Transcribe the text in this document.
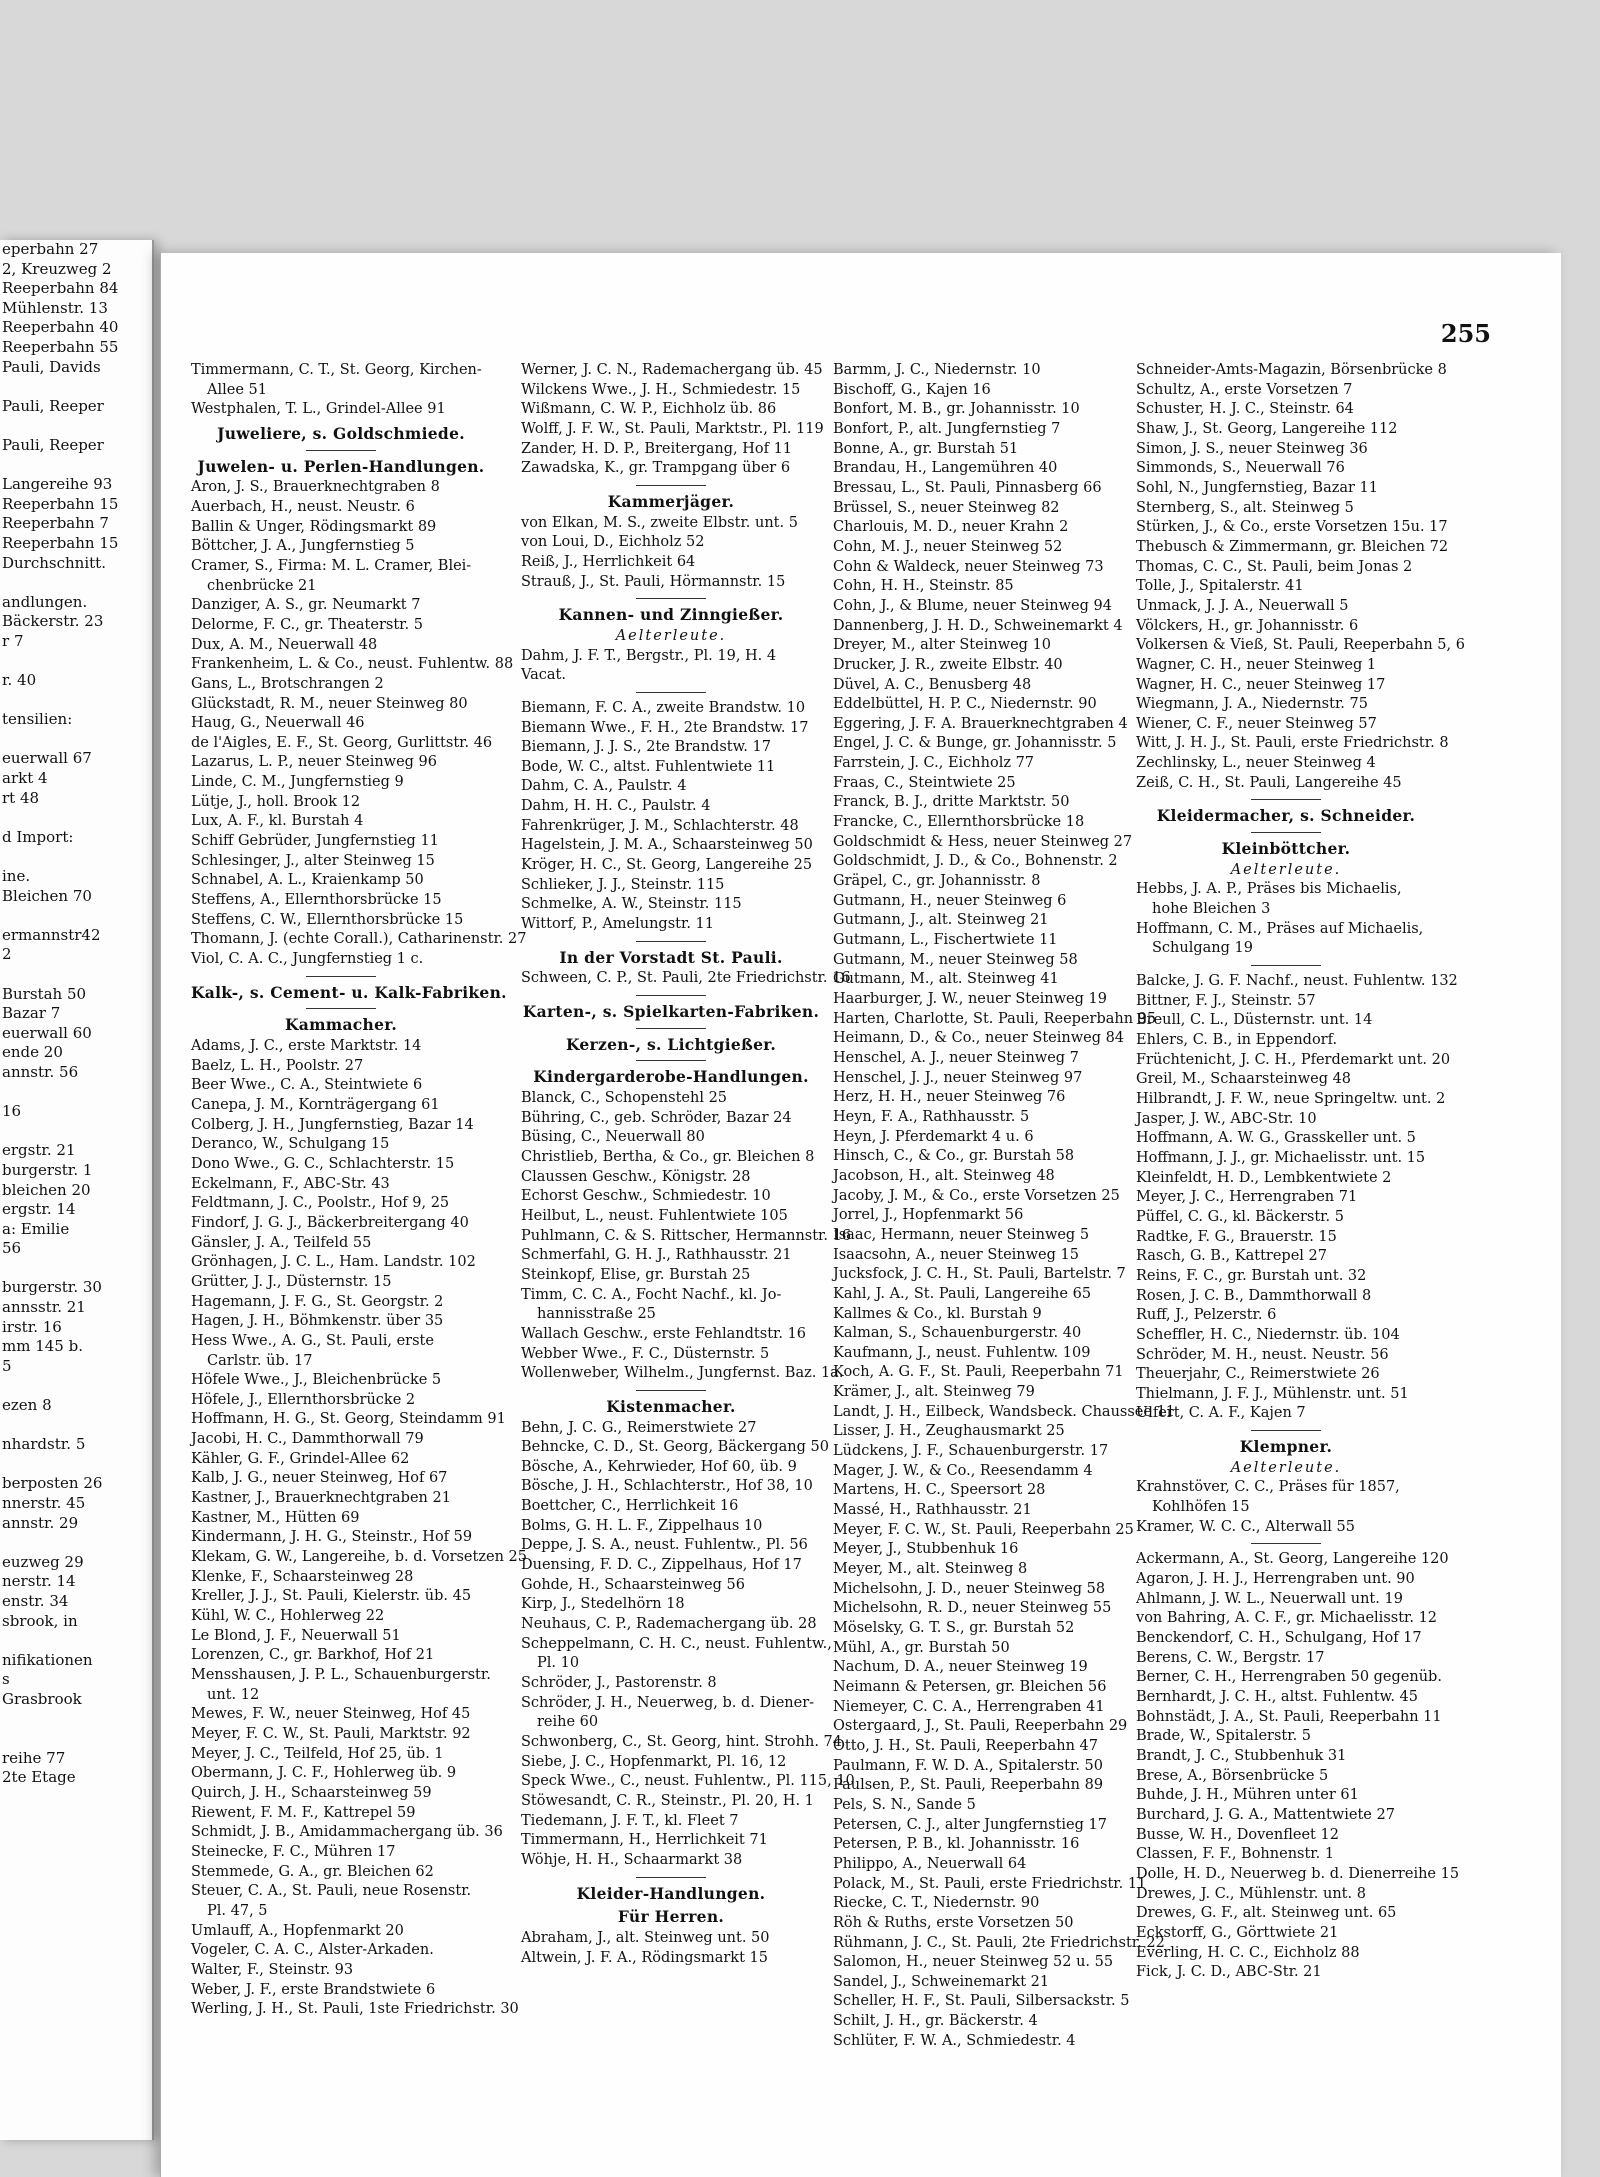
eperbahn 27
2, Kreuzweg 2
Reeperbahn 84
Mühlenstr. 13
Reeperbahn 40
Reeperbahn 55
Pauli, Davids
Pauli, Reeper
Pauli, Reeper
Langereihe 93
Reeperbahn 15
Reeperbahn 7
Reeperbahn 15
Durchschnitt.
andlungen.
Bäckerstr. 23
r 7
r. 40
tensilien:
euerwall 67
arkt 4
rt 48
d Import:
ine.
Bleichen 70
ermannstr42
2
Burstah 50
Bazar 7
euerwall 60
ende 20
annstr. 56
16
ergstr. 21
burgerstr. 1
bleichen 20
ergstr. 14
a: Emilie
56
burgerstr. 30
annsstr. 21
irstr. 16
mm 145 b.
5
ezen 8
nhardstr. 5
berposten 26
nnerstr. 45
annstr. 29
euzweg 29
nerstr. 14
enstr. 34
sbrook, in
nifikationen
s
Grasbrook
reihe 77
2te Etage
255
Timmermann, C. T., St. Georg, Kirchen-
Allee 51
Westphalen, T. L., Grindel-Allee 91
Juweliere, s. Goldschmiede.
Juwelen- u. Perlen-Handlungen.
Aron, J. S., Brauerknechtgraben 8
Auerbach, H., neust. Neustr. 6
Ballin & Unger, Rödingsmarkt 89
Böttcher, J. A., Jungfernstieg 5
Cramer, S., Firma: M. L. Cramer, Blei-
chenbrücke 21
Danziger, A. S., gr. Neumarkt 7
Delorme, F. C., gr. Theaterstr. 5
Dux, A. M., Neuerwall 48
Frankenheim, L. & Co., neust. Fuhlentw. 88
Gans, L., Brotschrangen 2
Glückstadt, R. M., neuer Steinweg 80
Haug, G., Neuerwall 46
de l'Aigles, E. F., St. Georg, Gurlittstr. 46
Lazarus, L. P., neuer Steinweg 96
Linde, C. M., Jungfernstieg 9
Lütje, J., holl. Brook 12
Lux, A. F., kl. Burstah 4
Schiff Gebrüder, Jungfernstieg 11
Schlesinger, J., alter Steinweg 15
Schnabel, A. L., Kraienkamp 50
Steffens, A., Ellernthorsbrücke 15
Steffens, C. W., Ellernthorsbrücke 15
Thomann, J. (echte Corall.), Catharinenstr. 27
Viol, C. A. C., Jungfernstieg 1 c.
Kalk-, s. Cement- u. Kalk-Fabriken.
Kammacher.
Adams, J. C., erste Marktstr. 14
Baelz, L. H., Poolstr. 27
Beer Wwe., C. A., Steintwiete 6
Canepa, J. M., Kornträgergang 61
Colberg, J. H., Jungfernstieg, Bazar 14
Deranco, W., Schulgang 15
Dono Wwe., G. C., Schlachterstr. 15
Eckelmann, F., ABC-Str. 43
Feldtmann, J. C., Poolstr., Hof 9, 25
Findorf, J. G. J., Bäckerbreitergang 40
Gänsler, J. A., Teilfeld 55
Grönhagen, J. C. L., Ham. Landstr. 102
Grütter, J. J., Düsternstr. 15
Hagemann, J. F. G., St. Georgstr. 2
Hagen, J. H., Böhmkenstr. über 35
Hess Wwe., A. G., St. Pauli, erste
Carlstr. üb. 17
Höfele Wwe., J., Bleichenbrücke 5
Höfele, J., Ellernthorsbrücke 2
Hoffmann, H. G., St. Georg, Steindamm 91
Jacobi, H. C., Dammthorwall 79
Kähler, G. F., Grindel-Allee 62
Kalb, J. G., neuer Steinweg, Hof 67
Kastner, J., Brauerknechtgraben 21
Kastner, M., Hütten 69
Kindermann, J. H. G., Steinstr., Hof 59
Klekam, G. W., Langereihe, b. d. Vorsetzen 25
Klenke, F., Schaarsteinweg 28
Kreller, J. J., St. Pauli, Kielerstr. üb. 45
Kühl, W. C., Hohlerweg 22
Le Blond, J. F., Neuerwall 51
Lorenzen, C., gr. Barkhof, Hof 21
Mensshausen, J. P. L., Schauenburgerstr.
unt. 12
Mewes, F. W., neuer Steinweg, Hof 45
Meyer, F. C. W., St. Pauli, Marktstr. 92
Meyer, J. C., Teilfeld, Hof 25, üb. 1
Obermann, J. C. F., Hohlerweg üb. 9
Quirch, J. H., Schaarsteinweg 59
Riewent, F. M. F., Kattrepel 59
Schmidt, J. B., Amidammachergang üb. 36
Steinecke, F. C., Mühren 17
Stemmede, G. A., gr. Bleichen 62
Steuer, C. A., St. Pauli, neue Rosenstr.
Pl. 47, 5
Umlauff, A., Hopfenmarkt 20
Vogeler, C. A. C., Alster-Arkaden.
Walter, F., Steinstr. 93
Weber, J. F., erste Brandstwiete 6
Werling, J. H., St. Pauli, 1ste Friedrichstr. 30
Werner, J. C. N., Rademachergang üb. 45
Wilckens Wwe., J. H., Schmiedestr. 15
Wißmann, C. W. P., Eichholz üb. 86
Wolff, J. F. W., St. Pauli, Marktstr., Pl. 119
Zander, H. D. P., Breitergang, Hof 11
Zawadska, K., gr. Trampgang über 6
Kammerjäger.
von Elkan, M. S., zweite Elbstr. unt. 5
von Loui, D., Eichholz 52
Reiß, J., Herrlichkeit 64
Strauß, J., St. Pauli, Hörmannstr. 15
Kannen- und Zinngießer.
Aelterleute.
Dahm, J. F. T., Bergstr., Pl. 19, H. 4
Vacat.
Biemann, F. C. A., zweite Brandstw. 10
Biemann Wwe., F. H., 2te Brandstw. 17
Biemann, J. J. S., 2te Brandstw. 17
Bode, W. C., altst. Fuhlentwiete 11
Dahm, C. A., Paulstr. 4
Dahm, H. H. C., Paulstr. 4
Fahrenkrüger, J. M., Schlachterstr. 48
Hagelstein, J. M. A., Schaarsteinweg 50
Kröger, H. C., St. Georg, Langereihe 25
Schlieker, J. J., Steinstr. 115
Schmelke, A. W., Steinstr. 115
Wittorf, P., Amelungstr. 11
In der Vorstadt St. Pauli.
Schween, C. P., St. Pauli, 2te Friedrichstr. 16
Karten-, s. Spielkarten-Fabriken.
Kerzen-, s. Lichtgießer.
Kindergarderobe-Handlungen.
Blanck, C., Schopenstehl 25
Bühring, C., geb. Schröder, Bazar 24
Büsing, C., Neuerwall 80
Christlieb, Bertha, & Co., gr. Bleichen 8
Claussen Geschw., Königstr. 28
Echorst Geschw., Schmiedestr. 10
Heilbut, L., neust. Fuhlentwiete 105
Puhlmann, C. & S. Rittscher, Hermannstr. 16
Schmerfahl, G. H. J., Rathhausstr. 21
Steinkopf, Elise, gr. Burstah 25
Timm, C. C. A., Focht Nachf., kl. Jo-
hannisstraße 25
Wallach Geschw., erste Fehlandtstr. 16
Webber Wwe., F. C., Düsternstr. 5
Wollenweber, Wilhelm., Jungfernst. Baz. 1a.
Kistenmacher.
Behn, J. C. G., Reimerstwiete 27
Behncke, C. D., St. Georg, Bäckergang 50
Bösche, A., Kehrwieder, Hof 60, üb. 9
Bösche, J. H., Schlachterstr., Hof 38, 10
Boettcher, C., Herrlichkeit 16
Bolms, G. H. L. F., Zippelhaus 10
Deppe, J. S. A., neust. Fuhlentw., Pl. 56
Duensing, F. D. C., Zippelhaus, Hof 17
Gohde, H., Schaarsteinweg 56
Kirp, J., Stedelhörn 18
Neuhaus, C. P., Rademachergang üb. 28
Scheppelmann, C. H. C., neust. Fuhlentw.,
Pl. 10
Schröder, J., Pastorenstr. 8
Schröder, J. H., Neuerweg, b. d. Diener-
reihe 60
Schwonberg, C., St. Georg, hint. Strohh. 74
Siebe, J. C., Hopfenmarkt, Pl. 16, 12
Speck Wwe., C., neust. Fuhlentw., Pl. 115, 10
Stöwesandt, C. R., Steinstr., Pl. 20, H. 1
Tiedemann, J. F. T., kl. Fleet 7
Timmermann, H., Herrlichkeit 71
Wöhje, H. H., Schaarmarkt 38
Kleider-Handlungen.
Für Herren.
Abraham, J., alt. Steinweg unt. 50
Altwein, J. F. A., Rödingsmarkt 15
Barmm, J. C., Niedernstr. 10
Bischoff, G., Kajen 16
Bonfort, M. B., gr. Johannisstr. 10
Bonfort, P., alt. Jungfernstieg 7
Bonne, A., gr. Burstah 51
Brandau, H., Langemühren 40
Bressau, L., St. Pauli, Pinnasberg 66
Brüssel, S., neuer Steinweg 82
Charlouis, M. D., neuer Krahn 2
Cohn, M. J., neuer Steinweg 52
Cohn & Waldeck, neuer Steinweg 73
Cohn, H. H., Steinstr. 85
Cohn, J., & Blume, neuer Steinweg 94
Dannenberg, J. H. D., Schweinemarkt 4
Dreyer, M., alter Steinweg 10
Drucker, J. R., zweite Elbstr. 40
Düvel, A. C., Benusberg 48
Eddelbüttel, H. P. C., Niedernstr. 90
Eggering, J. F. A. Brauerknechtgraben 4
Engel, J. C. & Bunge, gr. Johannisstr. 5
Farrstein, J. C., Eichholz 77
Fraas, C., Steintwiete 25
Franck, B. J., dritte Marktstr. 50
Francke, C., Ellernthorsbrücke 18
Goldschmidt & Hess, neuer Steinweg 27
Goldschmidt, J. D., & Co., Bohnenstr. 2
Gräpel, C., gr. Johannisstr. 8
Gutmann, H., neuer Steinweg 6
Gutmann, J., alt. Steinweg 21
Gutmann, L., Fischertwiete 11
Gutmann, M., neuer Steinweg 58
Gutmann, M., alt. Steinweg 41
Haarburger, J. W., neuer Steinweg 19
Harten, Charlotte, St. Pauli, Reeperbahn 95
Heimann, D., & Co., neuer Steinweg 84
Henschel, A. J., neuer Steinweg 7
Henschel, J. J., neuer Steinweg 97
Herz, H. H., neuer Steinweg 76
Heyn, F. A., Rathhausstr. 5
Heyn, J. Pferdemarkt 4 u. 6
Hinsch, C., & Co., gr. Burstah 58
Jacobson, H., alt. Steinweg 48
Jacoby, J. M., & Co., erste Vorsetzen 25
Jorrel, J., Hopfenmarkt 56
Isaac, Hermann, neuer Steinweg 5
Isaacsohn, A., neuer Steinweg 15
Jucksfock, J. C. H., St. Pauli, Bartelstr. 7
Kahl, J. A., St. Pauli, Langereihe 65
Kallmes & Co., kl. Burstah 9
Kalman, S., Schauenburgerstr. 40
Kaufmann, J., neust. Fuhlentw. 109
Koch, A. G. F., St. Pauli, Reeperbahn 71
Krämer, J., alt. Steinweg 79
Landt, J. H., Eilbeck, Wandsbeck. Chaussee 11
Lisser, J. H., Zeughausmarkt 25
Lüdckens, J. F., Schauenburgerstr. 17
Mager, J. W., & Co., Reesendamm 4
Martens, H. C., Speersort 28
Massé, H., Rathhausstr. 21
Meyer, F. C. W., St. Pauli, Reeperbahn 25
Meyer, J., Stubbenhuk 16
Meyer, M., alt. Steinweg 8
Michelsohn, J. D., neuer Steinweg 58
Michelsohn, R. D., neuer Steinweg 55
Möselsky, G. T. S., gr. Burstah 52
Mühl, A., gr. Burstah 50
Nachum, D. A., neuer Steinweg 19
Neimann & Petersen, gr. Bleichen 56
Niemeyer, C. C. A., Herrengraben 41
Ostergaard, J., St. Pauli, Reeperbahn 29
Otto, J. H., St. Pauli, Reeperbahn 47
Paulmann, F. W. D. A., Spitalerstr. 50
Paulsen, P., St. Pauli, Reeperbahn 89
Pels, S. N., Sande 5
Petersen, C. J., alter Jungfernstieg 17
Petersen, P. B., kl. Johannisstr. 16
Philippo, A., Neuerwall 64
Polack, M., St. Pauli, erste Friedrichstr. 11
Riecke, C. T., Niedernstr. 90
Röh & Ruths, erste Vorsetzen 50
Rühmann, J. C., St. Pauli, 2te Friedrichstr. 22
Salomon, H., neuer Steinweg 52 u. 55
Sandel, J., Schweinemarkt 21
Scheller, H. F., St. Pauli, Silbersackstr. 5
Schilt, J. H., gr. Bäckerstr. 4
Schlüter, F. W. A., Schmiedestr. 4
Schneider-Amts-Magazin, Börsenbrücke 8
Schultz, A., erste Vorsetzen 7
Schuster, H. J. C., Steinstr. 64
Shaw, J., St. Georg, Langereihe 112
Simon, J. S., neuer Steinweg 36
Simmonds, S., Neuerwall 76
Sohl, N., Jungfernstieg, Bazar 11
Sternberg, S., alt. Steinweg 5
Stürken, J., & Co., erste Vorsetzen 15u. 17
Thebusch & Zimmermann, gr. Bleichen 72
Thomas, C. C., St. Pauli, beim Jonas 2
Tolle, J., Spitalerstr. 41
Unmack, J. J. A., Neuerwall 5
Völckers, H., gr. Johannisstr. 6
Volkersen & Vieß, St. Pauli, Reeperbahn 5, 6
Wagner, C. H., neuer Steinweg 1
Wagner, H. C., neuer Steinweg 17
Wiegmann, J. A., Niedernstr. 75
Wiener, C. F., neuer Steinweg 57
Witt, J. H. J., St. Pauli, erste Friedrichstr. 8
Zechlinsky, L., neuer Steinweg 4
Zeiß, C. H., St. Pauli, Langereihe 45
Kleidermacher, s. Schneider.
Kleinböttcher.
Aelterleute.
Hebbs, J. A. P., Präses bis Michaelis,
hohe Bleichen 3
Hoffmann, C. M., Präses auf Michaelis,
Schulgang 19
Balcke, J. G. F. Nachf., neust. Fuhlentw. 132
Bittner, F. J., Steinstr. 57
Breull, C. L., Düsternstr. unt. 14
Ehlers, C. B., in Eppendorf.
Früchtenicht, J. C. H., Pferdemarkt unt. 20
Greil, M., Schaarsteinweg 48
Hilbrandt, J. F. W., neue Springeltw. unt. 2
Jasper, J. W., ABC-Str. 10
Hoffmann, A. W. G., Grasskeller unt. 5
Hoffmann, J. J., gr. Michaelisstr. unt. 15
Kleinfeldt, H. D., Lembkentwiete 2
Meyer, J. C., Herrengraben 71
Püffel, C. G., kl. Bäckerstr. 5
Radtke, F. G., Brauerstr. 15
Rasch, G. B., Kattrepel 27
Reins, F. C., gr. Burstah unt. 32
Rosen, J. C. B., Dammthorwall 8
Ruff, J., Pelzerstr. 6
Scheffler, H. C., Niedernstr. üb. 104
Schröder, M. H., neust. Neustr. 56
Theuerjahr, C., Reimerstwiete 26
Thielmann, J. F. J., Mühlenstr. unt. 51
Ulfert, C. A. F., Kajen 7
Klempner.
Aelterleute.
Krahnstöver, C. C., Präses für 1857,
Kohlhöfen 15
Kramer, W. C. C., Alterwall 55
Ackermann, A., St. Georg, Langereihe 120
Agaron, J. H. J., Herrengraben unt. 90
Ahlmann, J. W. L., Neuerwall unt. 19
von Bahring, A. C. F., gr. Michaelisstr. 12
Benckendorf, C. H., Schulgang, Hof 17
Berens, C. W., Bergstr. 17
Berner, C. H., Herrengraben 50 gegenüb.
Bernhardt, J. C. H., altst. Fuhlentw. 45
Bohnstädt, J. A., St. Pauli, Reeperbahn 11
Brade, W., Spitalerstr. 5
Brandt, J. C., Stubbenhuk 31
Brese, A., Börsenbrücke 5
Buhde, J. H., Mühren unter 61
Burchard, J. G. A., Mattentwiete 27
Busse, W. H., Dovenfleet 12
Classen, F. F., Bohnenstr. 1
Dolle, H. D., Neuerweg b. d. Dienerreihe 15
Drewes, J. C., Mühlenstr. unt. 8
Drewes, G. F., alt. Steinweg unt. 65
Eckstorff, G., Görttwiete 21
Everling, H. C. C., Eichholz 88
Fick, J. C. D., ABC-Str. 21
